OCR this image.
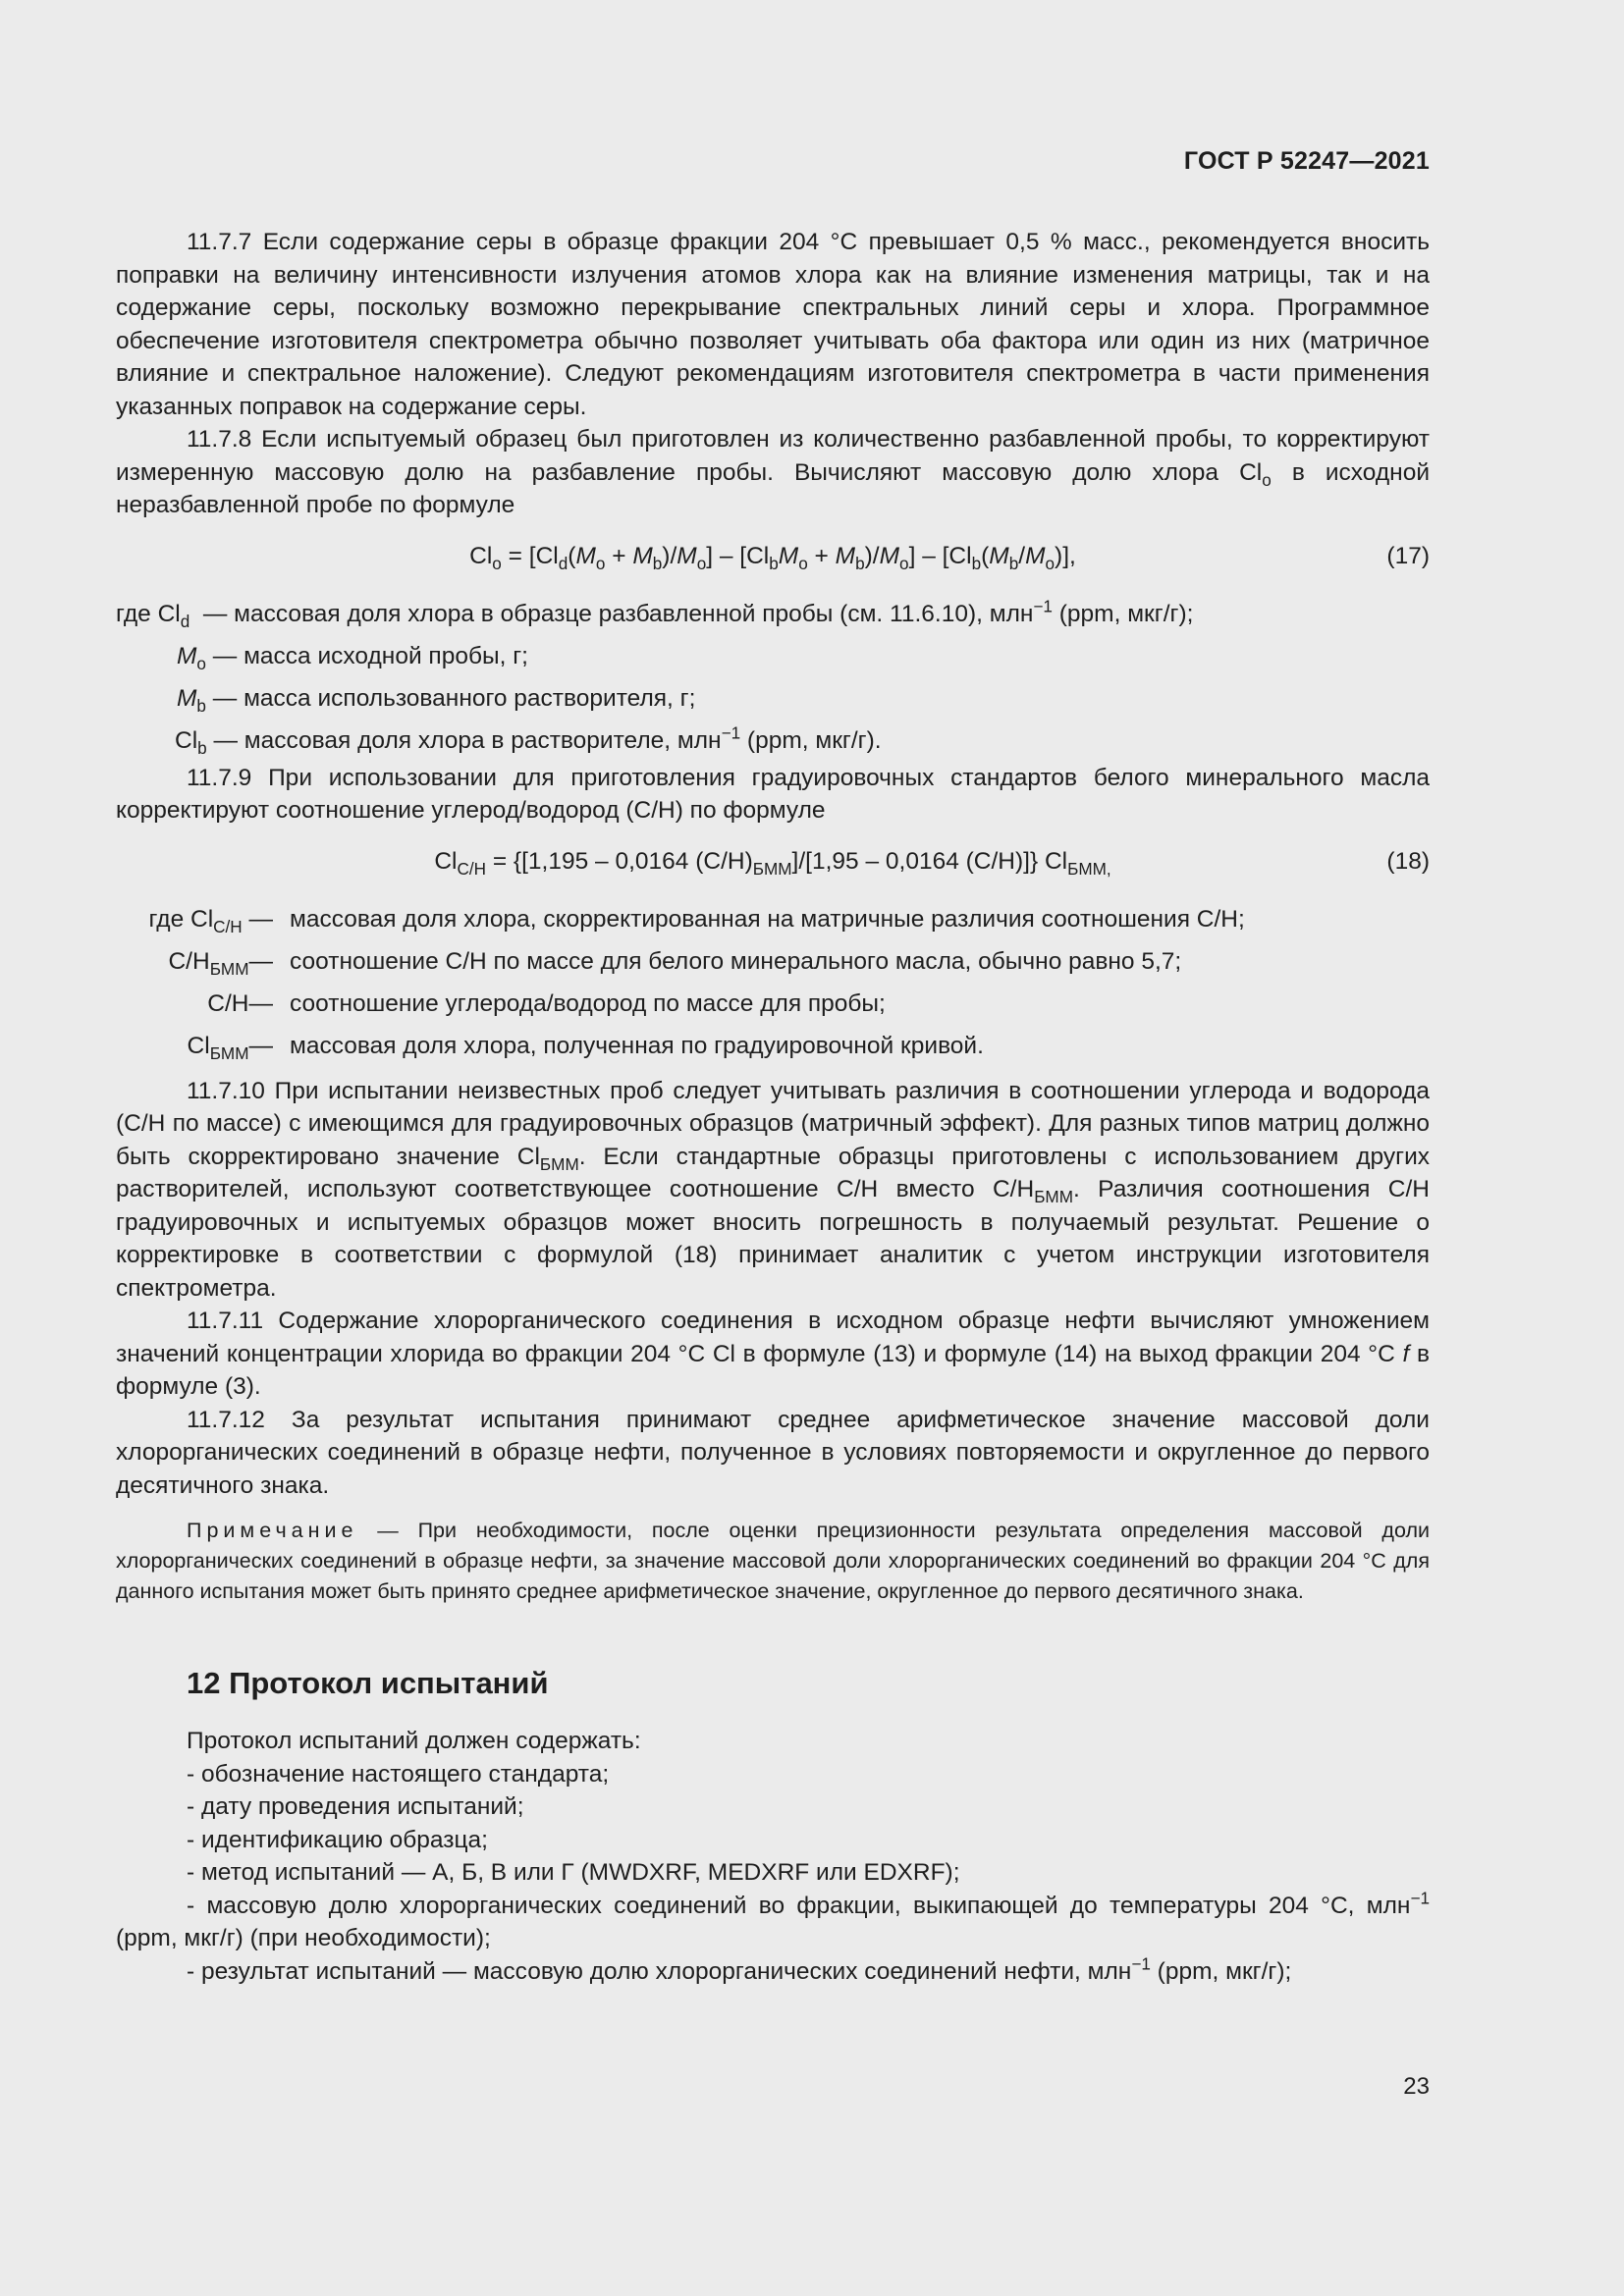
ГОСТ Р 52247—2021

11.7.7 Если содержание серы в образце фракции 204 °C превышает 0,5 % масс., рекомендуется вносить поправки на величину интенсивности излучения атомов хлора как на влияние изменения матрицы, так и на содержание серы, поскольку возможно перекрывание спектральных линий серы и хлора. Программное обеспечение изготовителя спектрометра обычно позволяет учитывать оба фактора или один из них (матричное влияние и спектральное наложение). Следуют рекомендациям изготовителя спектрометра в части применения указанных поправок на содержание серы.

11.7.8 Если испытуемый образец был приготовлен из количественно разбавленной пробы, то корректируют измеренную массовую долю на разбавление пробы. Вычисляют массовую долю хлора $Cl_o$ в исходной неразбавленной пробе по формуле

$Cl_o = [Cl_d(M_o + M_b)/M_o] - [Cl_bM_o + M_b)/M_o] - [Cl_b(M_b/M_o)]$,	(17)
где $Cl_d$ — массовая доля хлора в образце разбавленной пробы (см. 11.6.10), млн$^{-1}$ (ppm, мкг/г);
$M_o$ — масса исходной пробы, г;
$M_b$ — масса использованного растворителя, г;
$Cl_b$ — массовая доля хлора в растворителе, млн$^{-1}$ (ppm, мкг/г).

11.7.9 При использовании для приготовления градуировочных стандартов белого минерального масла корректируют соотношение углерод/водород (C/H) по формуле

$Cl_{C/H} = \{[1,195 - 0,0164$ $(C/H)_{БММ}]/[1,95 - 0,0164$ (C/H)]} $Cl_{БММ,}$	(18)
где $Cl_{C/H}$ — массовая доля хлора, скорректированная на матричные различия соотношения C/H;
$C/H_{БММ}—$ соотношение C/H по массе для белого минерального масла, обычно равно 5,7;
C/H— соотношение углерода/водород по массе для пробы;
$Cl_{БММ}—$ массовая доля хлора, полученная по градуировочной кривой.

11.7.10 При испытании неизвестных проб следует учитывать различия в соотношении углерода и водорода (C/H по массе) с имеющимся для градуировочных образцов (матричный эффект). Для разных типов матриц должно быть скорректировано значение $Cl_{БММ}$. Если стандартные образцы приготовлены с использованием других растворителей, используют соответствующее соотношение C/H вместо $C/H_{БММ}$. Различия соотношения C/H градуировочных и испытуемых образцов может вносить погрешность в получаемый результат. Решение о корректировке в соответствии с формулой (18) принимает аналитик с учетом инструкции изготовителя спектрометра.

11.7.11 Содержание хлорорганического соединения в исходном образце нефти вычисляют умножением значений концентрации хлорида во фракции 204 °C Cl в формуле (13) и формуле (14) на выход фракции 204 °C f в формуле (3).

11.7.12 За результат испытания принимают среднее арифметическое значение массовой доли хлорорганических соединений в образце нефти, полученное в условиях повторяемости и округленное до первого десятичного знака.

Примечание — При необходимости, после оценки прецизионности результата определения массовой доли хлорорганических соединений в образце нефти, за значение массовой доли хлорорганических соединений во фракции 204 °C для данного испытания может быть принято среднее арифметическое значение, округленное до первого десятичного знака.

12 Протокол испытаний

Протокол испытаний должен содержать:

- обозначение настоящего стандарта;

- дату проведения испытаний;

- идентификацию образца;

- метод испытаний — А, Б, В или Г (MWDXRF, MEDXRF или EDXRF);

- массовую долю хлорорганических соединений во фракции, выкипающей до температуры 204 °C, млн$^{-1}$ (ppm, мкг/г) (при необходимости);

- результат испытаний — массовую долю хлорорганических соединений нефти, млн$^{-1}$ (ppm, мкг/г);

23
